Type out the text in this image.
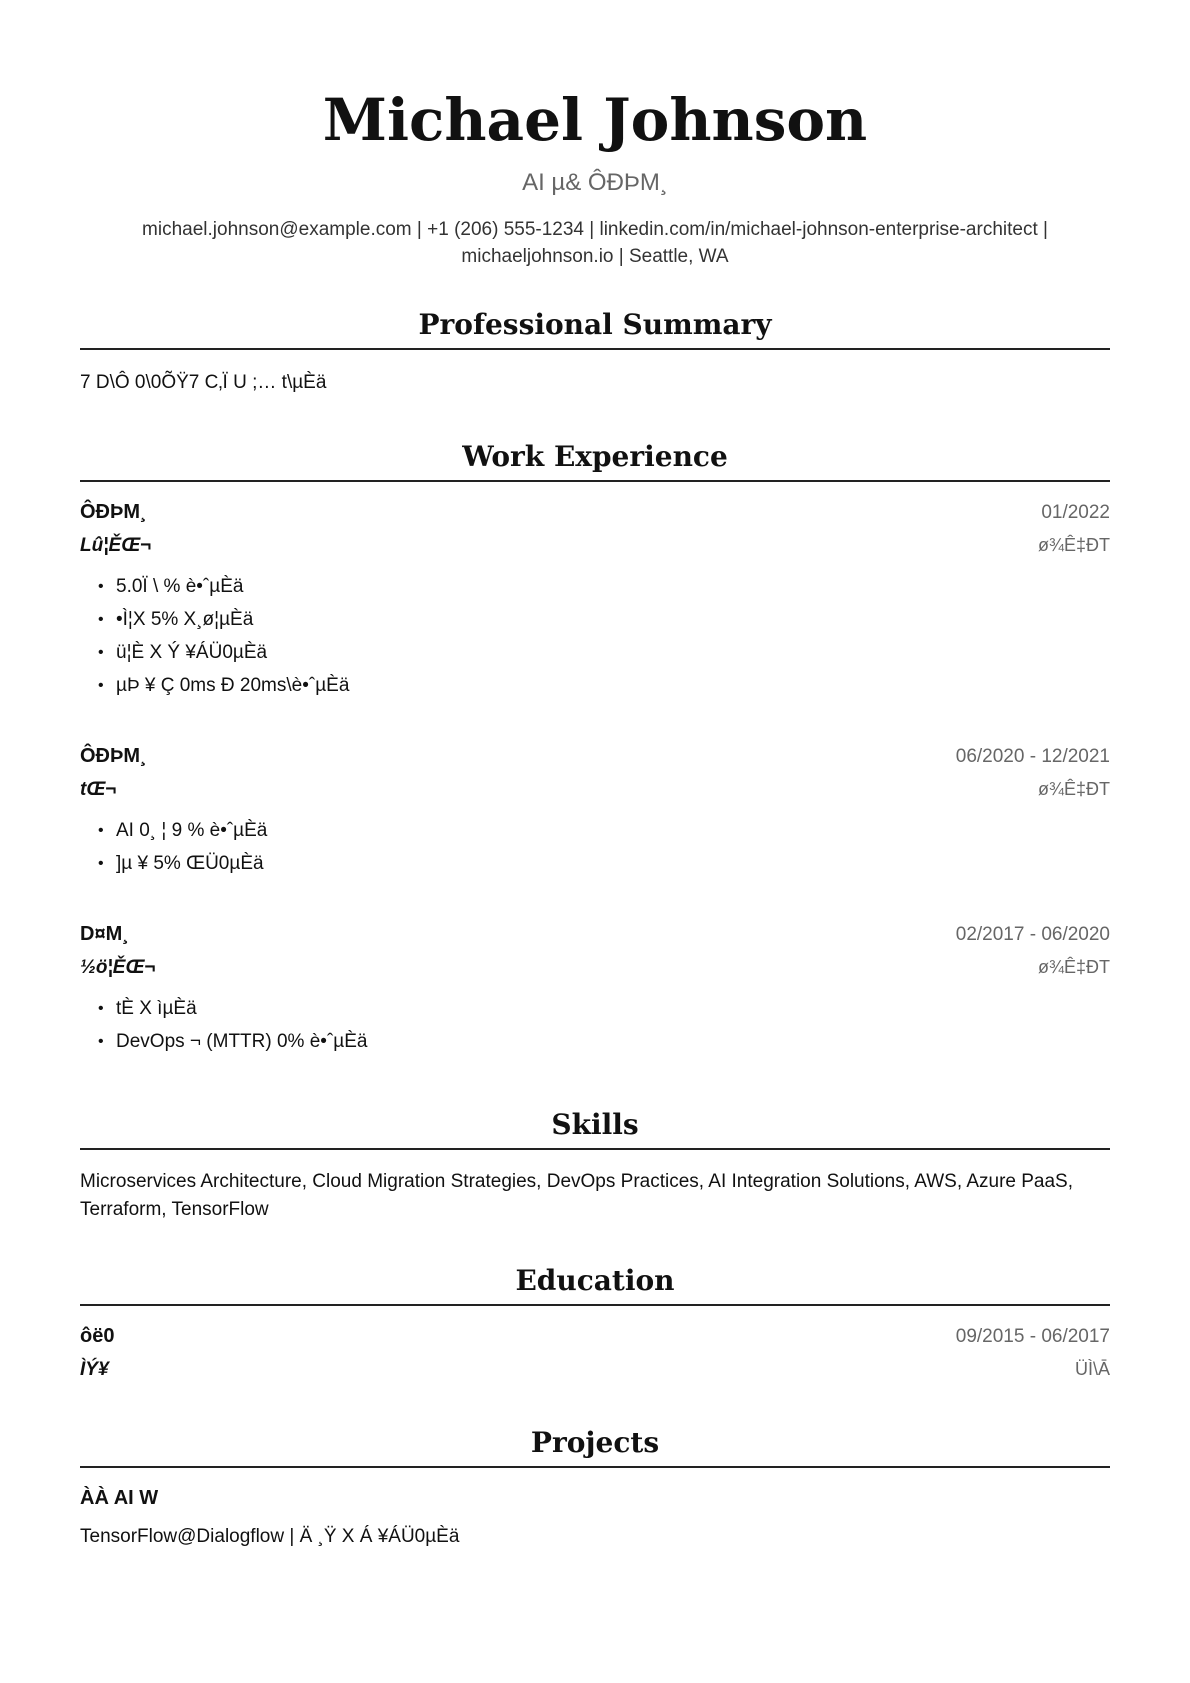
Michael Johnson
AI µ& ÔÐÞM¸
michael.johnson@example.com | +1 (206) 555-1234 | linkedin.com/in/michael-johnson-enterprise-architect |
michaeljohnson.io | Seattle, WA
Professional Summary
7 D\Ô 0\0ÕŸ7 C‚Ï U ;… t\µÈä
Work Experience
ÔÐÞM¸	01/2022
Lû¦ĚŒ¬	ø¾Ê‡ÐT
• 5.0Ï \ % è•ˆµÈä
• •Ì¦X 5% X¸ø¦µÈä
• ü¦È X Ý ¥ÁÜ0µÈä
• µÞ ¥ Ç 0ms Ð 20ms\è•ˆµÈä
ÔÐÞM¸	06/2020 - 12/2021
tŒ¬	ø¾Ê‡ÐT
• AI 0¸ ¦ 9 % è•ˆµÈä
• ]µ ¥ 5% ŒÜ0µÈä
D¤M¸	02/2017 - 06/2020
½ö¦ĚŒ¬	ø¾Ê‡ÐT
• tÈ X ìµÈä
• DevOps ¬ (MTTR) 0% è•ˆµÈä
Skills
Microservices Architecture, Cloud Migration Strategies, DevOps Practices, AI Integration Solutions, AWS, Azure PaaS, Terraform, TensorFlow
Education
ôë0	09/2015 - 06/2017
ÌÝ¥	ÜÌ\Ā
Projects
ÀÀ AI W
TensorFlow@Dialogflow | Ä ¸Ÿ X Á ¥ÁÜ0µÈä
